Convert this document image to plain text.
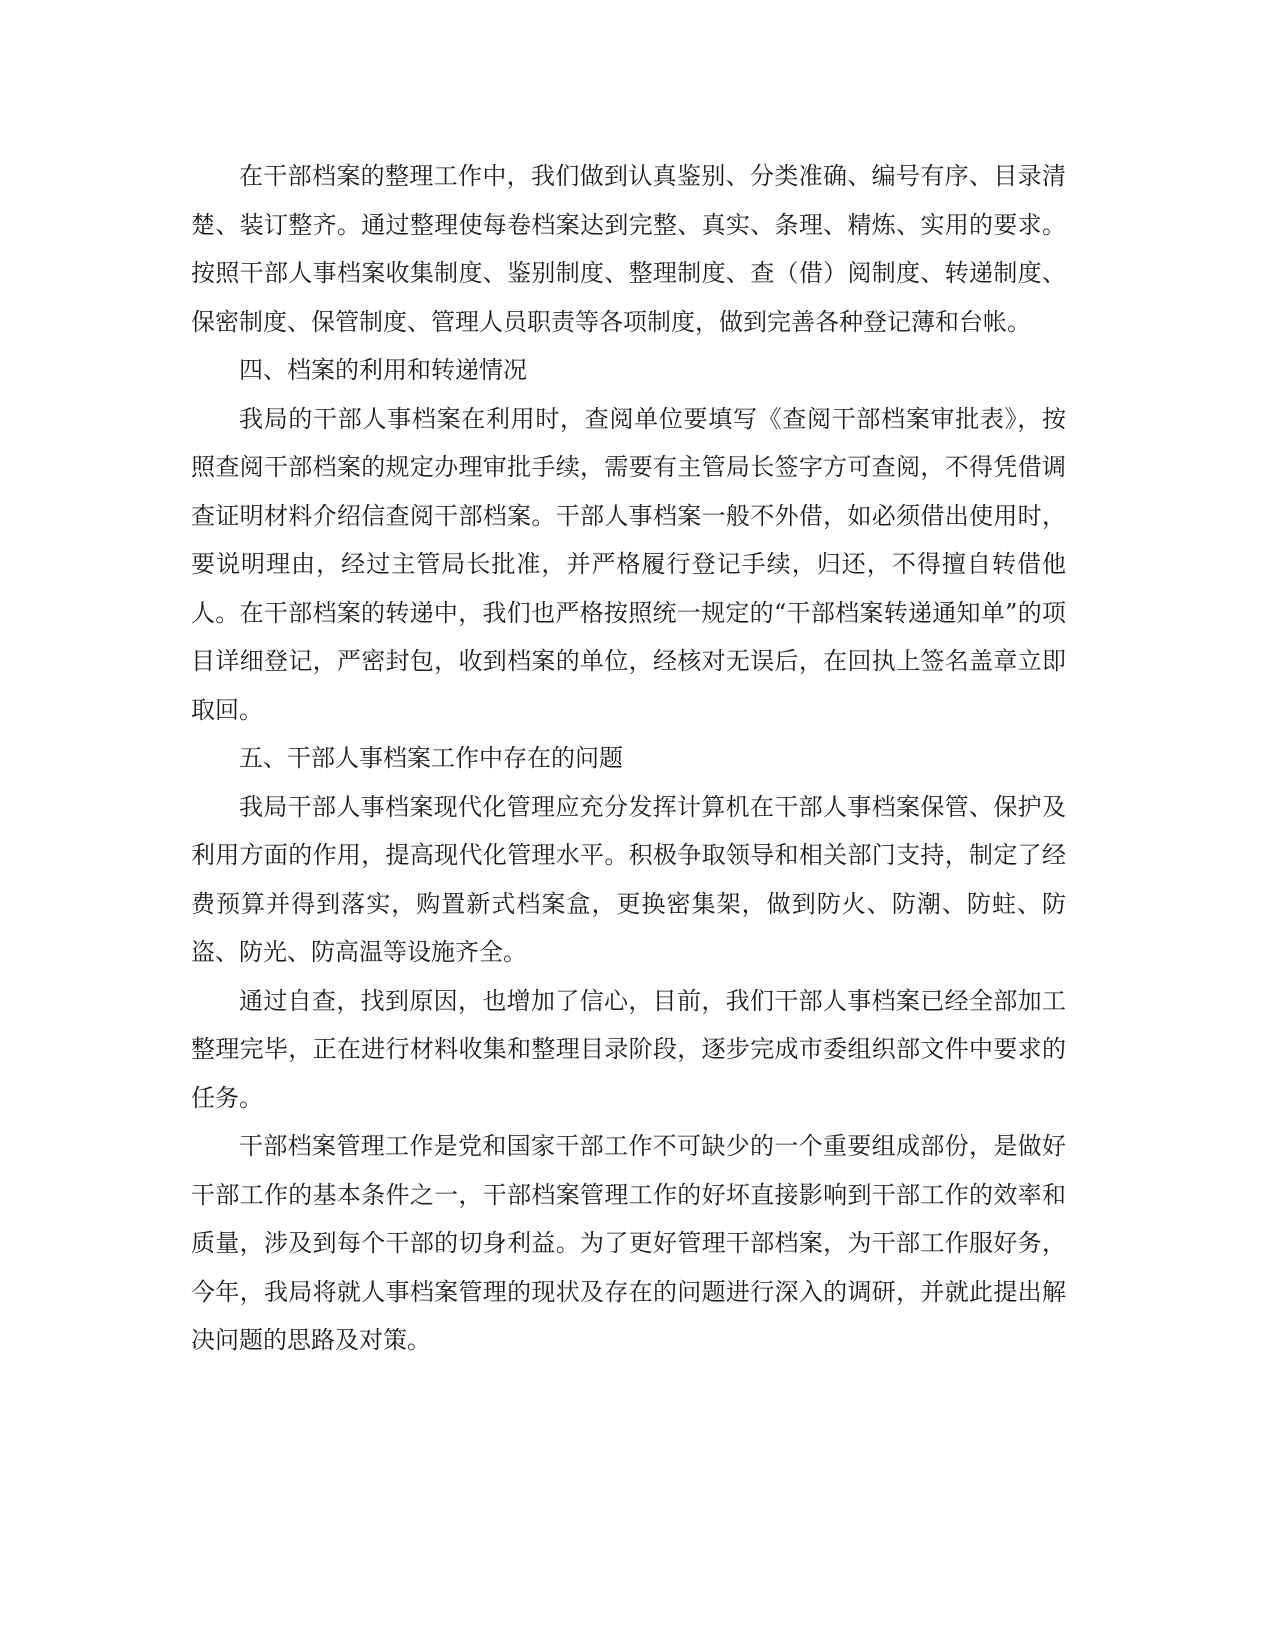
在干部档案的整理工作中，我们做到认真鉴别、分类准确、编号有序、目录清楚、装订整齐。通过整理使每卷档案达到完整、真实、条理、精炼、实用的要求。按照干部人事档案收集制度、鉴别制度、整理制度、查（借）阅制度、转递制度、保密制度、保管制度、管理人员职责等各项制度，做到完善各种登记薄和台帐。

四、档案的利用和转递情况

我局的干部人事档案在利用时，查阅单位要填写《查阅干部档案审批表》，按照查阅干部档案的规定办理审批手续，需要有主管局长签字方可查阅，不得凭借调查证明材料介绍信查阅干部档案。干部人事档案一般不外借，如必须借出使用时，要说明理由，经过主管局长批准，并严格履行登记手续，归还，不得擅自转借他人。在干部档案的转递中，我们也严格按照统一规定的“干部档案转递通知单”的项目详细登记，严密封包，收到档案的单位，经核对无误后，在回执上签名盖章立即取回。

五、干部人事档案工作中存在的问题

我局干部人事档案现代化管理应充分发挥计算机在干部人事档案保管、保护及利用方面的作用，提高现代化管理水平。积极争取领导和相关部门支持，制定了经费预算并得到落实，购置新式档案盒，更换密集架，做到防火、防潮、防蛀、防盗、防光、防高温等设施齐全。

通过自查，找到原因，也增加了信心，目前，我们干部人事档案已经全部加工整理完毕，正在进行材料收集和整理目录阶段，逐步完成市委组织部文件中要求的任务。

干部档案管理工作是党和国家干部工作不可缺少的一个重要组成部份，是做好干部工作的基本条件之一，干部档案管理工作的好坏直接影响到干部工作的效率和质量，涉及到每个干部的切身利益。为了更好管理干部档案，为干部工作服好务，今年，我局将就人事档案管理的现状及存在的问题进行深入的调研，并就此提出解决问题的思路及对策。
